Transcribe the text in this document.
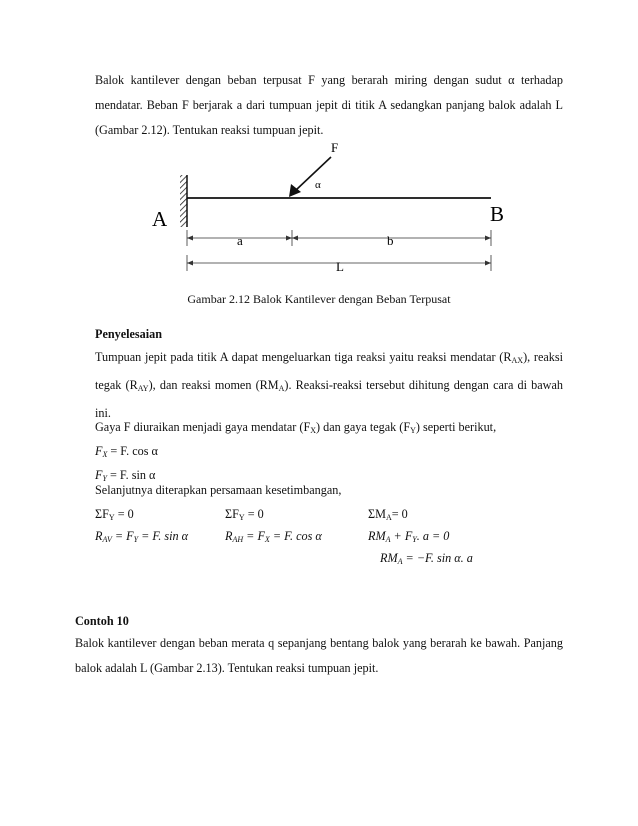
Balok kantilever dengan beban terpusat F yang berarah miring dengan sudut α terhadap mendatar. Beban F berjarak a dari tumpuan jepit di titik A sedangkan panjang balok adalah L (Gambar 2.12). Tentukan reaksi tumpuan jepit.
F
α
A	B
a	b
L
Gambar 2.12 Balok Kantilever dengan Beban Terpusat
Penyelesaian
Tumpuan jepit pada titik A dapat mengeluarkan tiga reaksi yaitu reaksi mendatar $(R_{AX})$, reaksi tegak $(R_{AY})$, dan reaksi momen $(RM_A)$. Reaksi-reaksi tersebut dihitung dengan cara di bawah ini.
Gaya F diuraikan menjadi gaya mendatar $(F_X)$ dan gaya tegak $(F_Y)$ seperti berikut,
$F_X = F$. cos α
$F_Y = F$. sin α
Selanjutnya diterapkan persamaan kesetimbangan,
$\Sigma F_Y = 0$	$\Sigma F_Y = 0$	$\Sigma M_A= 0$
$R_{AV} = F_Y = F$. sin α	$R_{AH} = F_X = F$. cos α	$RM_A + F_Y$. a = 0
$RM_A = -F$. sin α. a
Contoh 10
Balok kantilever dengan beban merata q sepanjang bentang balok yang berarah ke bawah. Panjang balok adalah L (Gambar 2.13). Tentukan reaksi tumpuan jepit.
